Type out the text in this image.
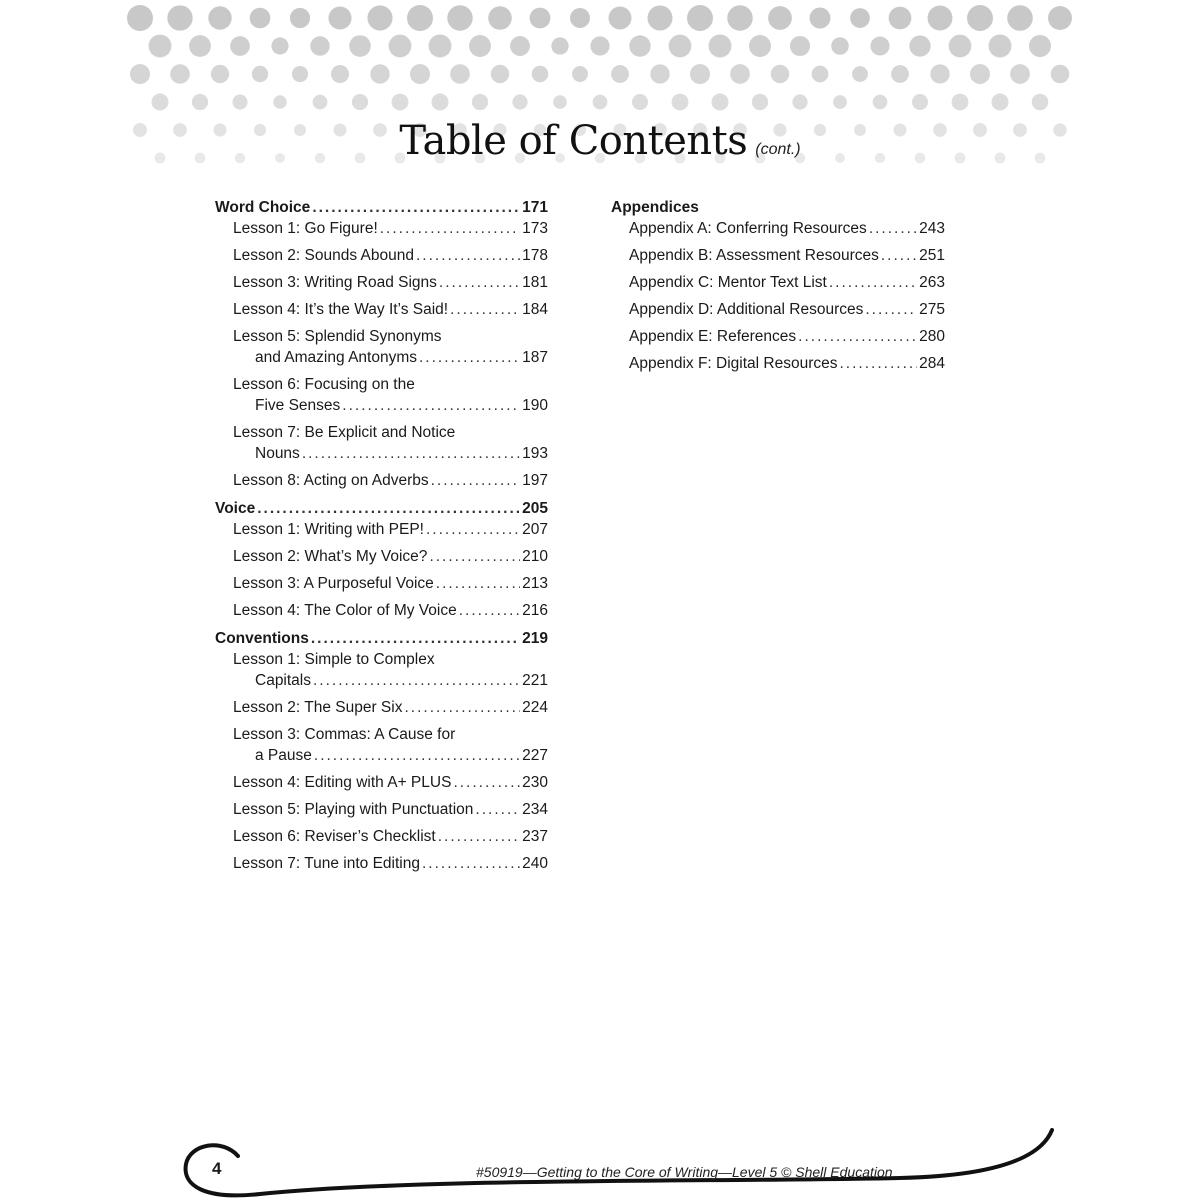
Table of Contents (cont.)
Word Choice .....	171
Lesson 1: Go Figure! .....	173
Lesson 2: Sounds Abound .....	178
Lesson 3: Writing Road Signs .....	181
Lesson 4: It’s the Way It’s Said! .....	184
Lesson 5: Splendid Synonyms
and Amazing Antonyms .....	187
Lesson 6: Focusing on the
Five Senses .....	190
Lesson 7: Be Explicit and Notice
Nouns .....	193
Lesson 8: Acting on Adverbs .....	197
Voice .....	205
Lesson 1: Writing with PEP! .....	207
Lesson 2: What’s My Voice? .....	210
Lesson 3: A Purposeful Voice .....	213
Lesson 4: The Color of My Voice .....	216
Conventions .....	219
Lesson 1: Simple to Complex
Capitals .....	221
Lesson 2: The Super Six .....	224
Lesson 3: Commas: A Cause for
a Pause .....	227
Lesson 4: Editing with A+ PLUS .....	230
Lesson 5: Playing with Punctuation .....	234
Lesson 6: Reviser’s Checklist .....	237
Lesson 7: Tune into Editing .....	240
Appendices
Appendix A: Conferring Resources .....	243
Appendix B: Assessment Resources .....	251
Appendix C: Mentor Text List .....	263
Appendix D: Additional Resources .....	275
Appendix E: References .....	280
Appendix F: Digital Resources .....	284
4	#50919—Getting to the Core of Writing—Level 5 © Shell Education
